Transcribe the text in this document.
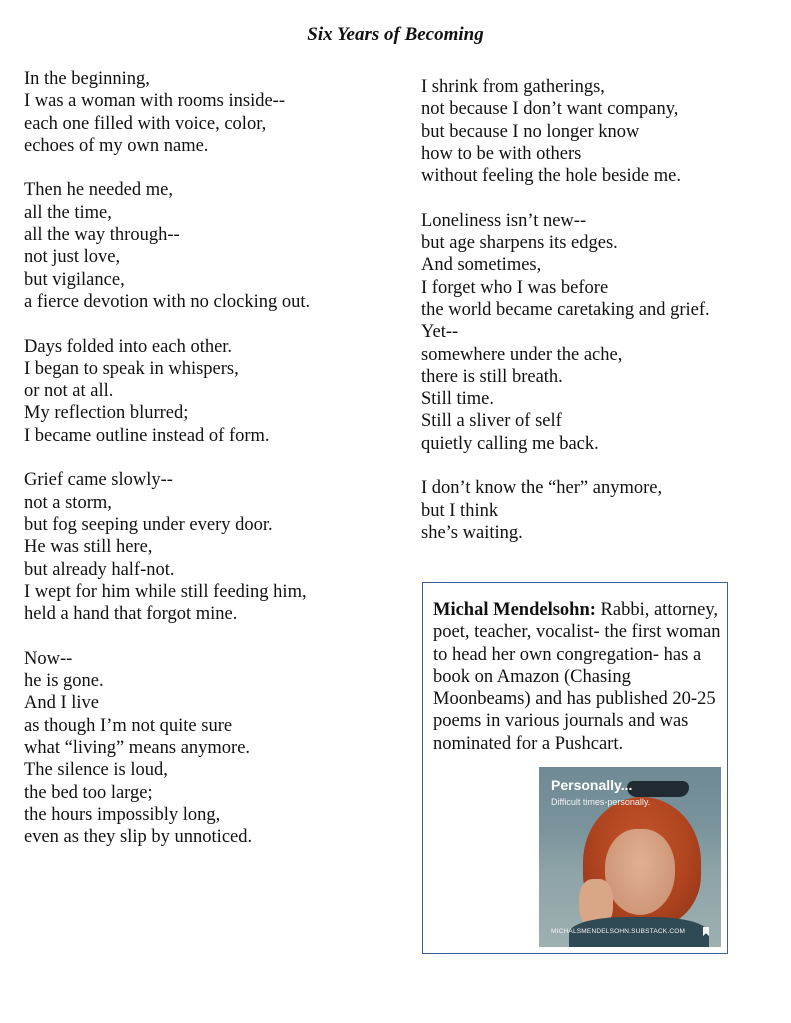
Six Years of Becoming
In the beginning,
I was a woman with rooms inside--
each one filled with voice, color,
echoes of my own name.
Then he needed me,
all the time,
all the way through--
not just love,
but vigilance,
a fierce devotion with no clocking out.
Days folded into each other.
I began to speak in whispers,
or not at all.
My reflection blurred;
I became outline instead of form.
Grief came slowly--
not a storm,
but fog seeping under every door.
He was still here,
but already half-not.
I wept for him while still feeding him,
held a hand that forgot mine.
Now--
he is gone.
And I live
as though I’m not quite sure
what “living” means anymore.
The silence is loud,
the bed too large;
the hours impossibly long,
even as they slip by unnoticed.
I shrink from gatherings,
not because I don’t want company,
but because I no longer know
how to be with others
without feeling the hole beside me.
Loneliness isn’t new--
but age sharpens its edges.
And sometimes,
I forget who I was before
the world became caretaking and grief.
Yet--
somewhere under the ache,
there is still breath.
Still time.
Still a sliver of self
quietly calling me back.
I don’t know the “her” anymore,
but I think
she’s waiting.
Michal Mendelsohn: Rabbi, attorney, poet, teacher, vocalist- the first woman to head her own congregation- has a book on Amazon (Chasing Moonbeams) and has published 20-25 poems in various journals and was nominated for a Pushcart.
Personally...
Difficult times-personally.
MICHALSMENDELSOHN.SUBSTACK.COM
